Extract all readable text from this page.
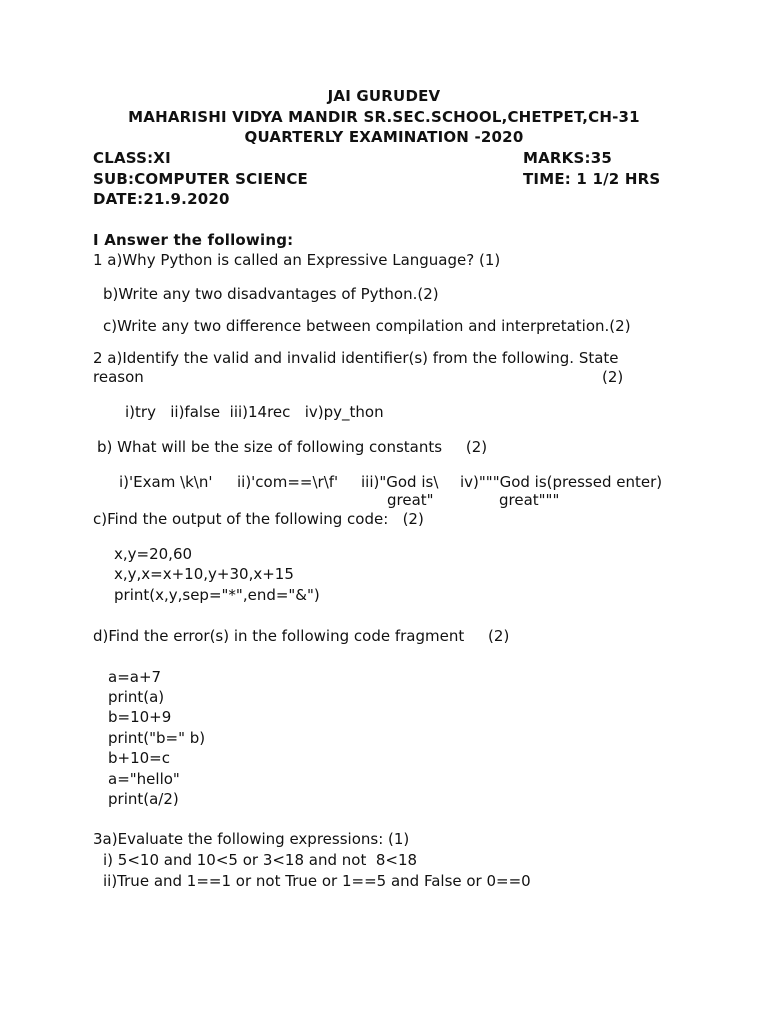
JAI GURUDEV
MAHARISHI VIDYA MANDIR SR.SEC.SCHOOL,CHETPET,CH-31
QUARTERLY EXAMINATION -2020
CLASS:XI	MARKS:35
SUB:COMPUTER SCIENCE	TIME: 1 1/2 HRS
DATE:21.9.2020
I Answer the following:
1 a)Why Python is called an Expressive Language? (1)
b)Write any two disadvantages of Python.(2)
c)Write any two difference between compilation and interpretation.(2)
2 a)Identify the valid and invalid identifier(s) from the following. State
reason	(2)
i)try   ii)false  iii)14rec   iv)py_thon
b) What will be the size of following constants     (2)
i)'Exam \k\n' ii)'com==\r\f' iii)"God is\
great"
iv)"""God is(pressed enter)
great"""
c)Find the output of the following code:   (2)
x,y=20,60
x,y,x=x+10,y+30,x+15
print(x,y,sep="*",end="&")
d)Find the error(s) in the following code fragment     (2)
a=a+7
print(a)
b=10+9
print("b=" b)
b+10=c
a="hello"
print(a/2)
3a)Evaluate the following expressions: (1)
i) 5<10 and 10<5 or 3<18 and not  8<18
ii)True and 1==1 or not True or 1==5 and False or 0==0
